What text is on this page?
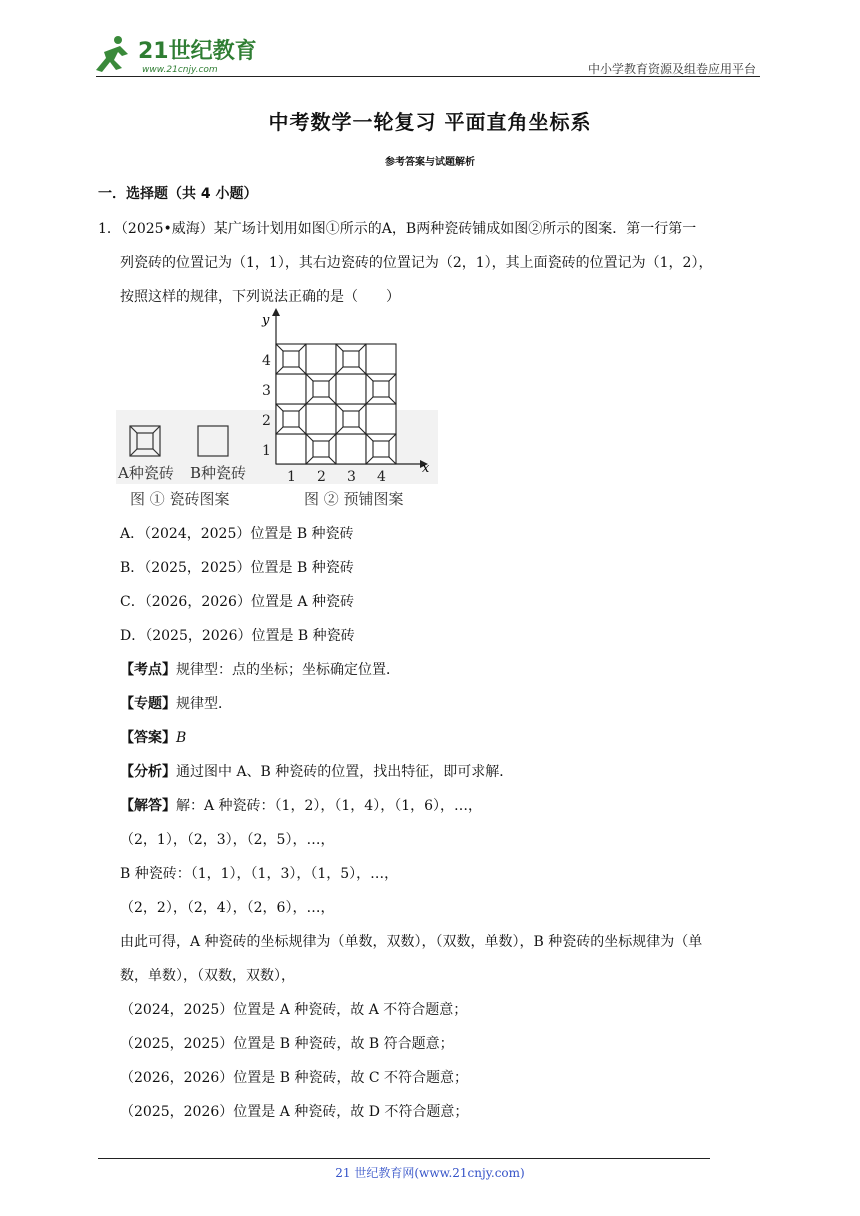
21世纪教育
www.21cnjy.com	中小学教育资源及组卷应用平台
中考数学一轮复习 平面直角坐标系
参考答案与试题解析
一．选择题（共 4 小题）
1．（2025•威海）某广场计划用如图①所示的A，B两种瓷砖铺成如图②所示的图案．第一行第一
列瓷砖的位置记为（1，1），其右边瓷砖的位置记为（2，1），其上面瓷砖的位置记为（1，2），
按照这样的规律，下列说法正确的是（　　）
A种瓷砖 B种瓷砖
图 ① 瓷砖图案	图 ② 预铺图案
y
x
1 2 3 4
1
2
3
4
A．（2024，2025）位置是 B 种瓷砖
B．（2025，2025）位置是 B 种瓷砖
C．（2026，2026）位置是 A 种瓷砖
D．（2025，2026）位置是 B 种瓷砖
【考点】规律型：点的坐标；坐标确定位置．
【专题】规律型．
【答案】B
【分析】通过图中 A、B 种瓷砖的位置，找出特征，即可求解．
【解答】解：A 种瓷砖：（1，2），（1，4），（1，6），…，
（2，1），（2，3），（2，5），…，
B 种瓷砖：（1，1），（1，3），（1，5），…，
（2，2），（2，4），（2，6），…，
由此可得，A 种瓷砖的坐标规律为（单数，双数），（双数，单数），B 种瓷砖的坐标规律为（单
数，单数），（双数，双数），
（2024，2025）位置是 A 种瓷砖，故 A 不符合题意；
（2025，2025）位置是 B 种瓷砖，故 B 符合题意；
（2026，2026）位置是 B 种瓷砖，故 C 不符合题意；
（2025，2026）位置是 A 种瓷砖，故 D 不符合题意；
21 世纪教育网(www.21cnjy.com)
